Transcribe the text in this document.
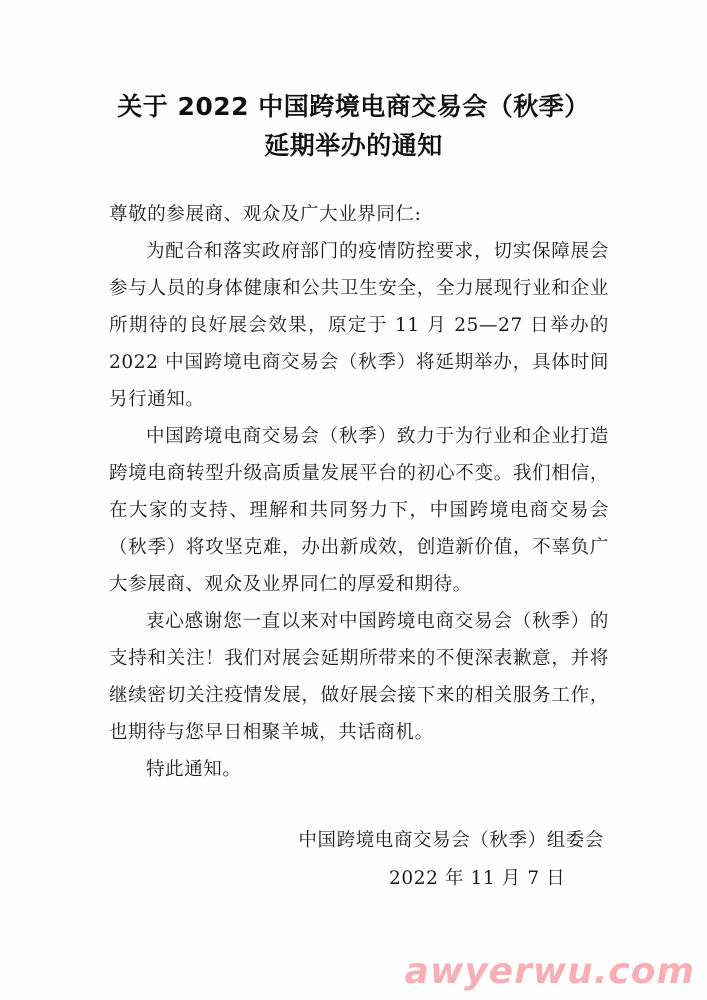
关于 2022 中国跨境电商交易会（秋季）
延期举办的通知
尊敬的参展商、观众及广大业界同仁:
为配合和落实政府部门的疫情防控要求，切实保障展会参与人员的身体健康和公共卫生安全，全力展现行业和企业所期待的良好展会效果，原定于 11 月 25—27 日举办的 2022 中国跨境电商交易会（秋季）将延期举办，具体时间另行通知。
中国跨境电商交易会（秋季）致力于为行业和企业打造跨境电商转型升级高质量发展平台的初心不变。我们相信，在大家的支持、理解和共同努力下，中国跨境电商交易会（秋季）将攻坚克难，办出新成效，创造新价值，不辜负广大参展商、观众及业界同仁的厚爱和期待。
衷心感谢您一直以来对中国跨境电商交易会（秋季）的支持和关注！我们对展会延期所带来的不便深表歉意，并将继续密切关注疫情发展，做好展会接下来的相关服务工作，也期待与您早日相聚羊城，共话商机。
特此通知。
中国跨境电商交易会（秋季）组委会
2022 年 11 月 7 日
awyerwu.com
